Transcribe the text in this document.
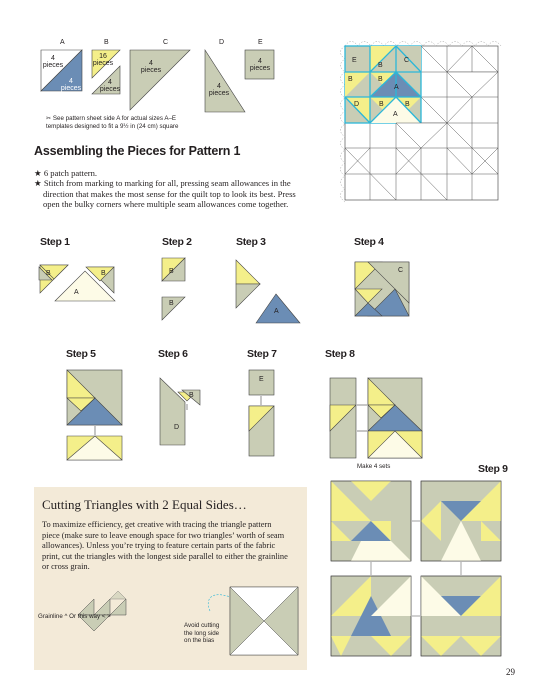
A	B	C	D	E
4 pieces
4 pieces
16 pieces
4 pieces
4 pieces
4 pieces
4 pieces
✂ See pattern sheet side A for actual sizes A–E
templates designed to fit a 9½ in (24 cm) square
E
B
C
B	B
A
D	B	B
A
Assembling the Pieces for Pattern 1
★ 6 patch pattern.
★ Stitch from marking to marking for all, pressing seam allowances in the
direction that makes the most sense for the quilt top to look its best. Press
open the bulky corners where multiple seam allowances come together.
Step 1	Step 2	Step 3	Step 4
B	B
A
B
B
A
C
Step 5	Step 6	Step 7	Step 8
B
D
E
Make 4 sets	Step 9
Cutting Triangles with 2 Equal Sides…
To maximize efficiency, get creative with tracing the triangle pattern
piece (make sure to leave enough space for two triangles’ worth of seam
allowances). Unless you’re trying to feature certain parts of the fabric
print, cut the triangles with the longest side parallel to either the grainline
or cross grain.
Grainline ^ Or this way < >
Avoid cutting
the long side
on the bias
29
